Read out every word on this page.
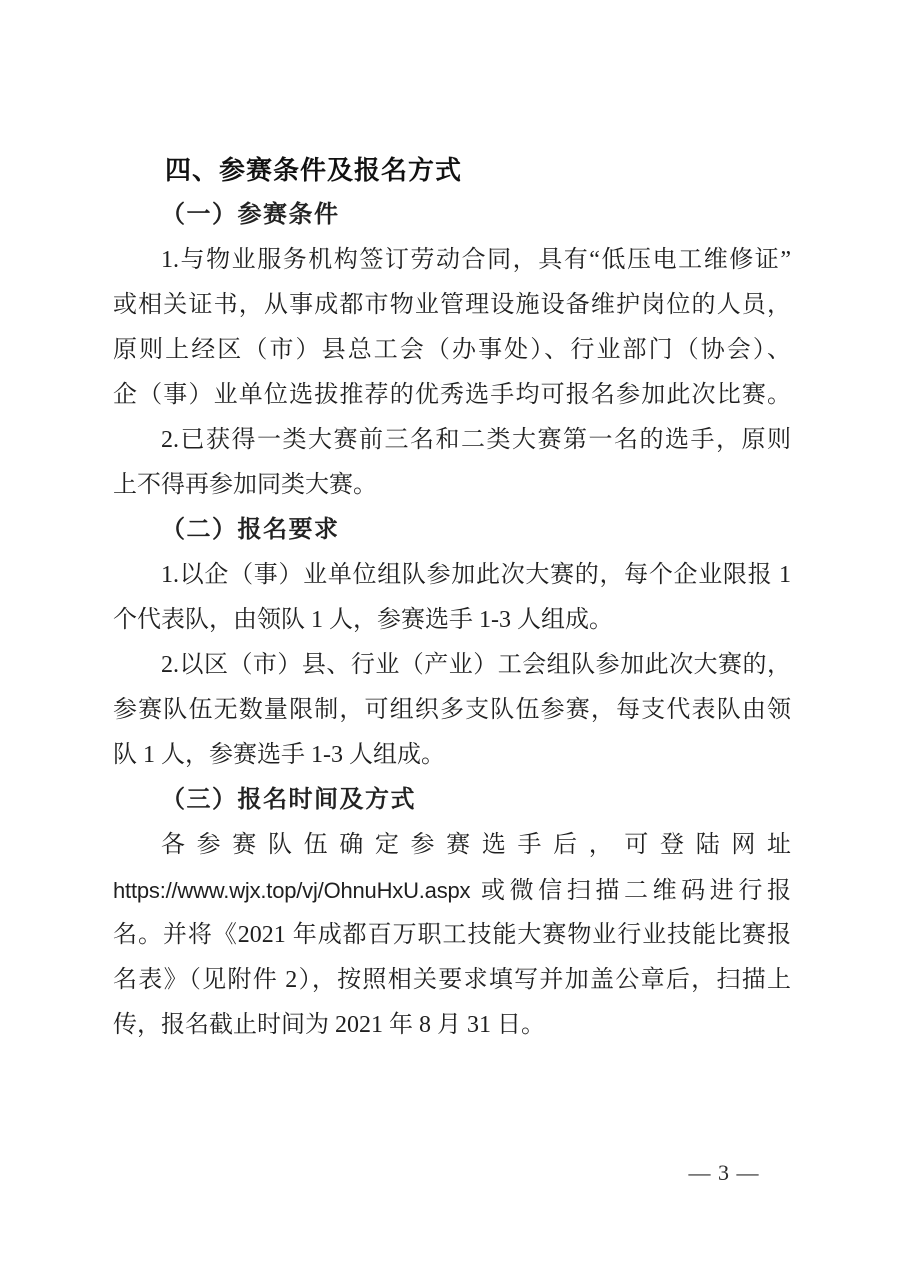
四、参赛条件及报名方式
（一）参赛条件
1.与物业服务机构签订劳动合同，具有“低压电工维修证”
或相关证书，从事成都市物业管理设施设备维护岗位的人员，
原则上经区（市）县总工会（办事处）、行业部门（协会）、
企（事）业单位选拔推荐的优秀选手均可报名参加此次比赛。
2.已获得一类大赛前三名和二类大赛第一名的选手，原则
上不得再参加同类大赛。
（二）报名要求
1.以企（事）业单位组队参加此次大赛的，每个企业限报 1
个代表队，由领队 1 人，参赛选手 1-3 人组成。
2.以区（市）县、行业（产业）工会组队参加此次大赛的，
参赛队伍无数量限制，可组织多支队伍参赛，每支代表队由领
队 1 人，参赛选手 1-3 人组成。
（三）报名时间及方式
各参赛队伍确定参赛选手后，可登陆网址
https://www.wjx.top/vj/OhnuHxU.aspx 或微信扫描二维码进行报
名。并将《2021 年成都百万职工技能大赛物业行业技能比赛报
名表》（见附件 2），按照相关要求填写并加盖公章后，扫描上
传，报名截止时间为 2021 年 8 月 31 日。
— 3 —
